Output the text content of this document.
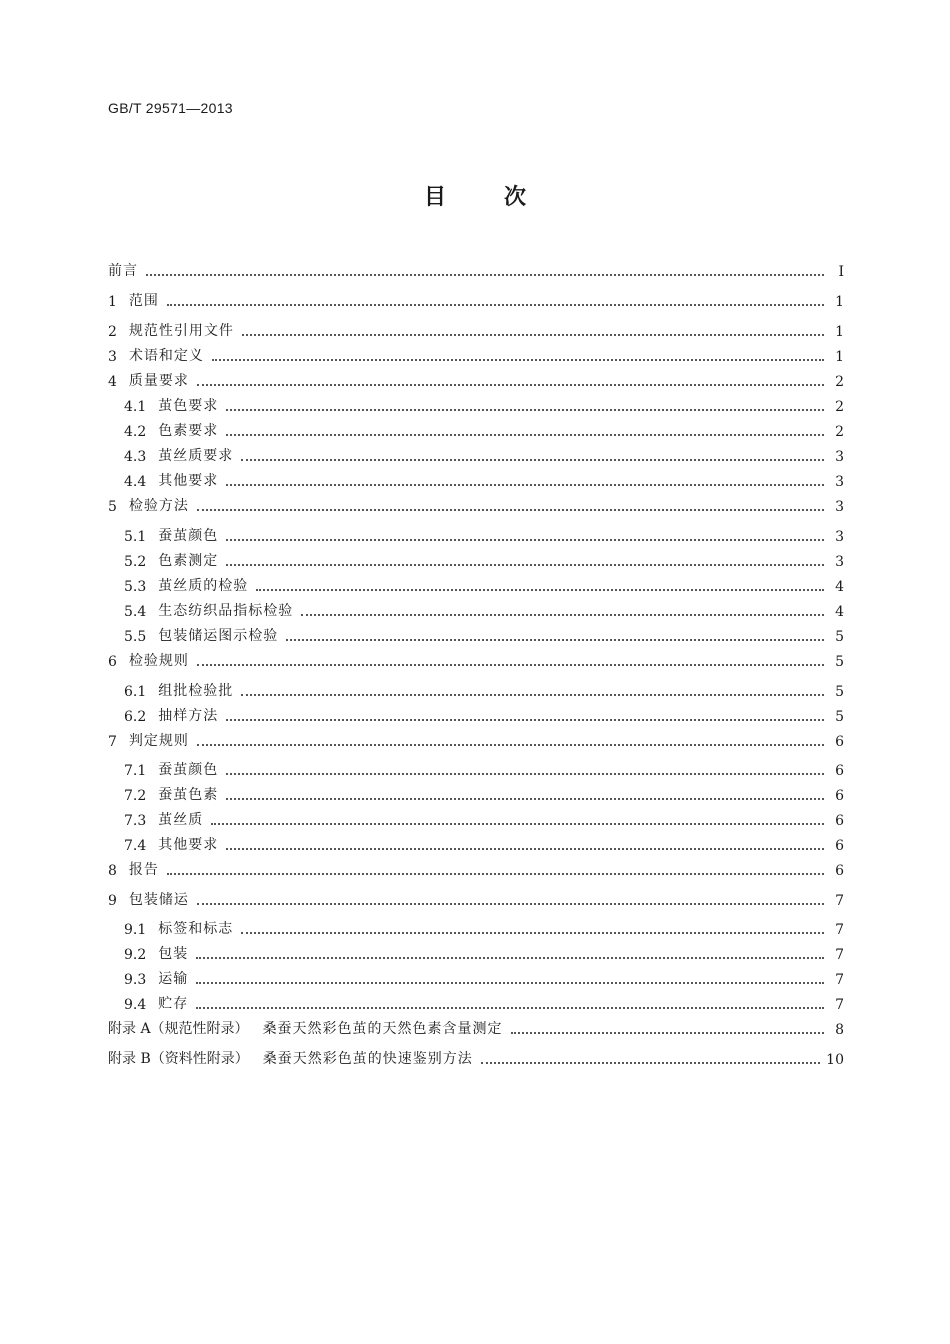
GB/T 29571—2013
目	次
前言	Ⅰ
1 范围	1
2 规范性引用文件	1
3 术语和定义	1
4 质量要求	2
4.1 茧色要求	2
4.2 色素要求	2
4.3 茧丝质要求	3
4.4 其他要求	3
5 检验方法	3
5.1 蚕茧颜色	3
5.2 色素测定	3
5.3 茧丝质的检验	4
5.4 生态纺织品指标检验	4
5.5 包装储运图示检验	5
6 检验规则	5
6.1 组批检验批	5
6.2 抽样方法	5
7 判定规则	6
7.1 蚕茧颜色	6
7.2 蚕茧色素	6
7.3 茧丝质	6
7.4 其他要求	6
8 报告	6
9 包装储运	7
9.1 标签和标志	7
9.2 包装	7
9.3 运输	7
9.4 贮存	7
附录 A（规范性附录） 桑蚕天然彩色茧的天然色素含量测定	8
附录 B（资料性附录） 桑蚕天然彩色茧的快速鉴别方法	10
